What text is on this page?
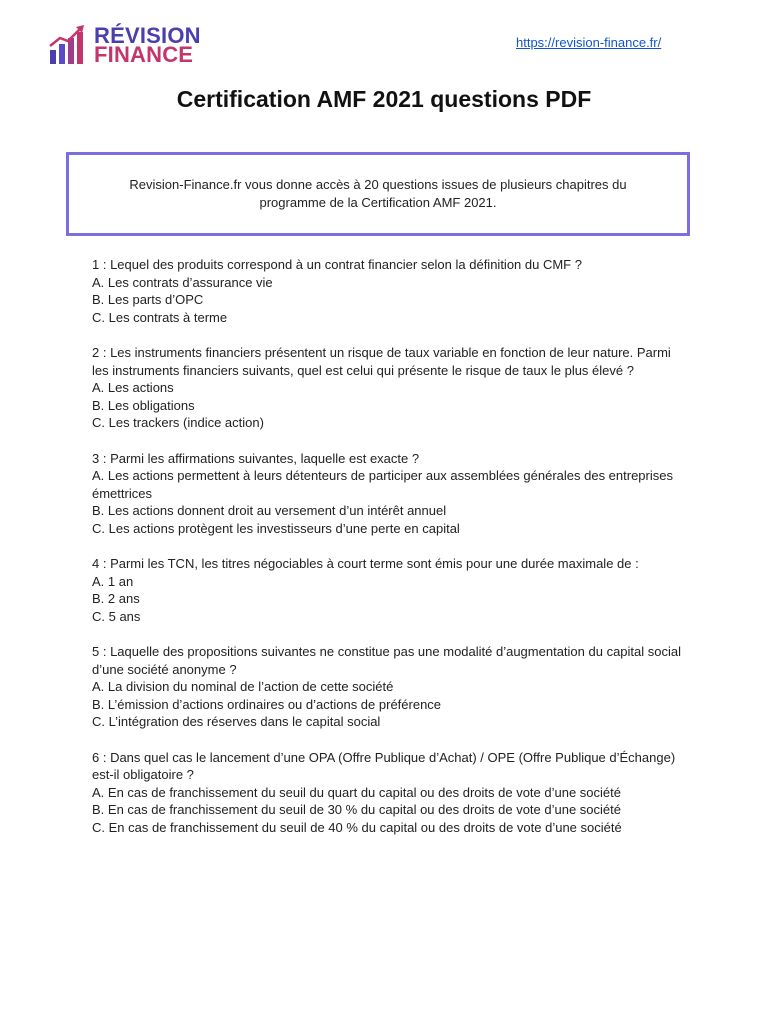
RÉVISION
FINANCE	https://revision-finance.fr/
Certification AMF 2021 questions PDF
Revision-Finance.fr vous donne accès à 20 questions issues de plusieurs chapitres du programme de la Certification AMF 2021.

1 : Lequel des produits correspond à un contrat financier selon la définition du CMF ?

A. Les contrats d’assurance vie

B. Les parts d’OPC

C. Les contrats à terme

2 : Les instruments financiers présentent un risque de taux variable en fonction de leur nature. Parmi les instruments financiers suivants, quel est celui qui présente le risque de taux le plus élevé ?

A. Les actions

B. Les obligations

C. Les trackers (indice action)

3 : Parmi les affirmations suivantes, laquelle est exacte ?

A. Les actions permettent à leurs détenteurs de participer aux assemblées générales des entreprises émettrices

B. Les actions donnent droit au versement d’un intérêt annuel

C. Les actions protègent les investisseurs d’une perte en capital

4 : Parmi les TCN, les titres négociables à court terme sont émis pour une durée maximale de :

A. 1 an

B. 2 ans

C. 5 ans

5 : Laquelle des propositions suivantes ne constitue pas une modalité d’augmentation du capital social d’une société anonyme ?

A. La division du nominal de l’action de cette société

B. L’émission d’actions ordinaires ou d’actions de préférence

C. L’intégration des réserves dans le capital social

6 : Dans quel cas le lancement d’une OPA (Offre Publique d’Achat) / OPE (Offre Publique d’Échange) est-il obligatoire ?

A. En cas de franchissement du seuil du quart du capital ou des droits de vote d’une société

B. En cas de franchissement du seuil de 30 % du capital ou des droits de vote d’une société

C. En cas de franchissement du seuil de 40 % du capital ou des droits de vote d’une société
